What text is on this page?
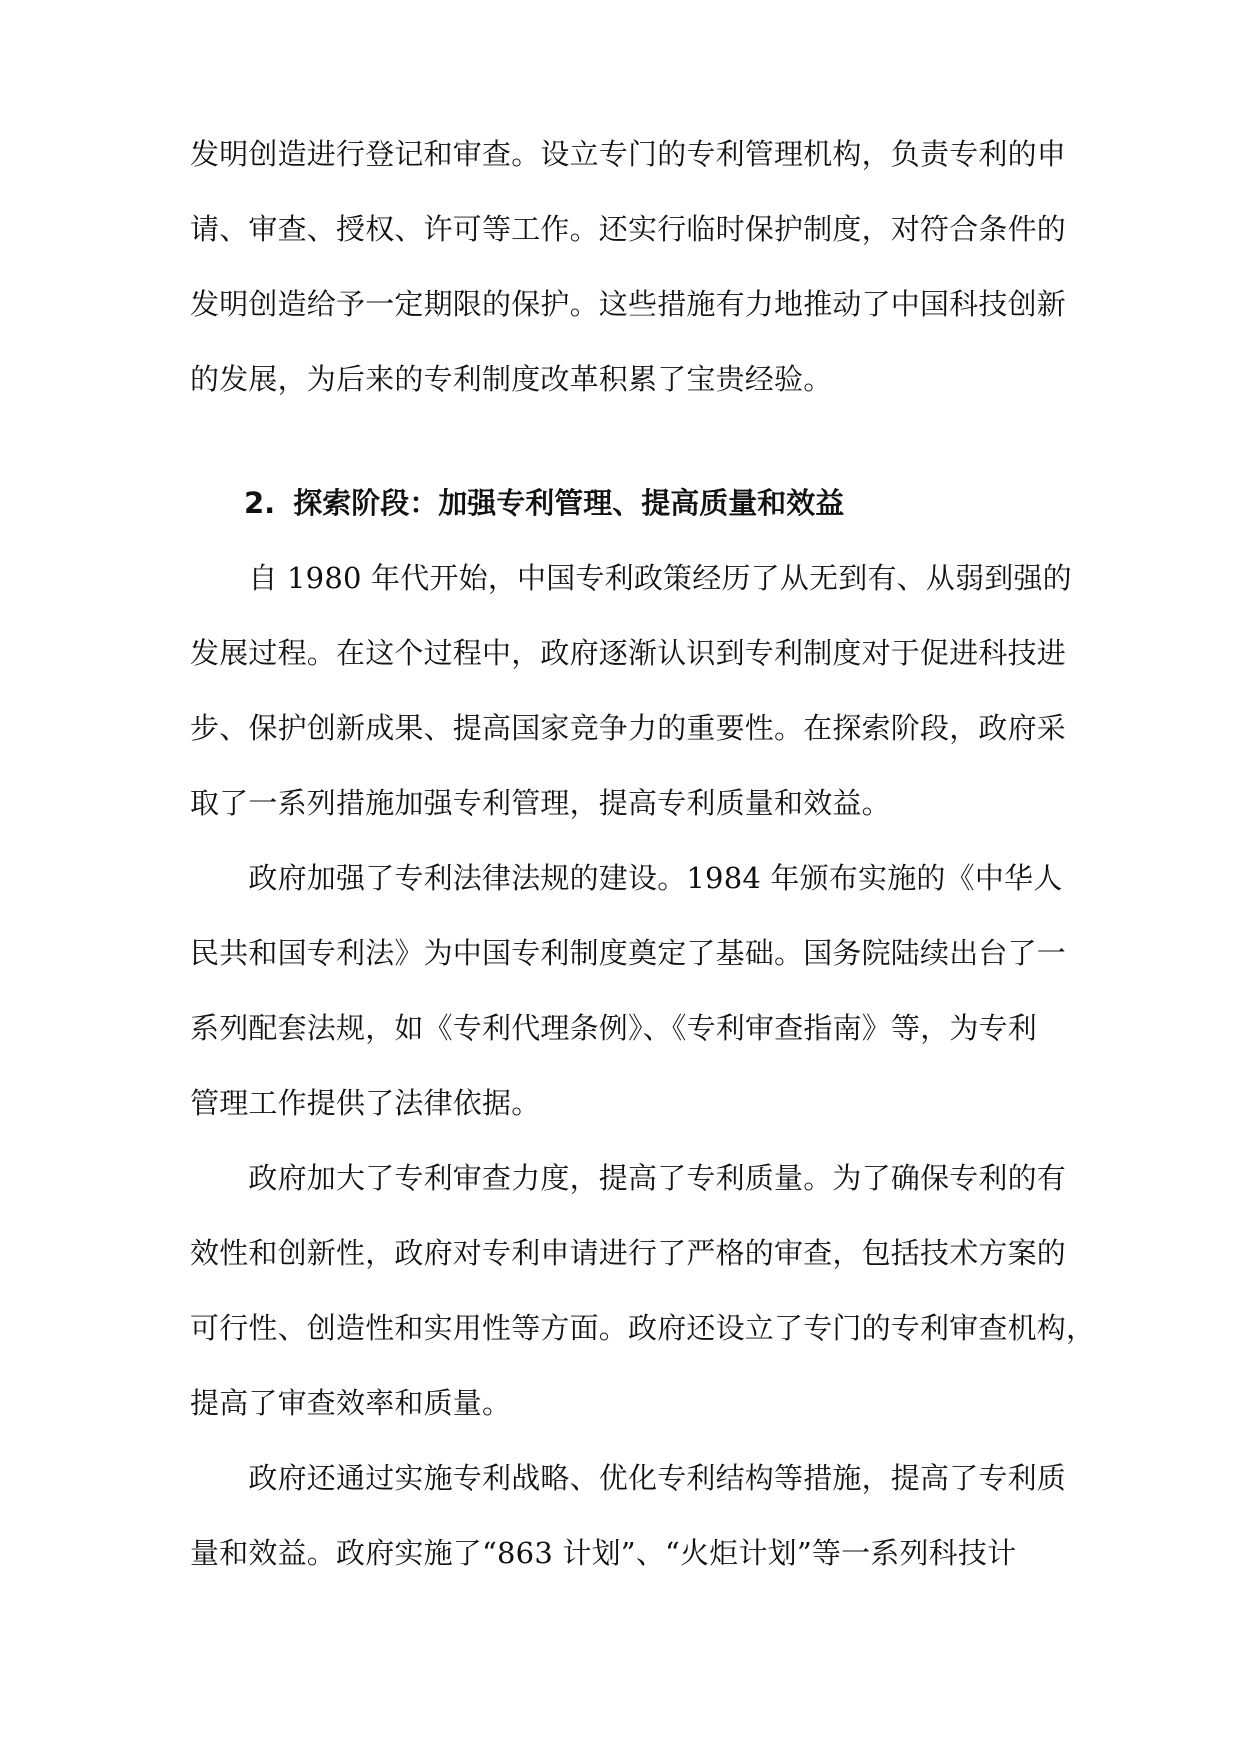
发明创造进行登记和审查。设立专门的专利管理机构，负责专利的申
请、审查、授权、许可等工作。还实行临时保护制度，对符合条件的
发明创造给予一定期限的保护。这些措施有力地推动了中国科技创新
的发展，为后来的专利制度改革积累了宝贵经验。
2. 探索阶段：加强专利管理、提高质量和效益
　　自 1980 年代开始，中国专利政策经历了从无到有、从弱到强的
发展过程。在这个过程中，政府逐渐认识到专利制度对于促进科技进
步、保护创新成果、提高国家竞争力的重要性。在探索阶段，政府采
取了一系列措施加强专利管理，提高专利质量和效益。
　　政府加强了专利法律法规的建设。1984 年颁布实施的《中华人
民共和国专利法》为中国专利制度奠定了基础。国务院陆续出台了一
系列配套法规，如《专利代理条例》、《专利审查指南》等，为专利
管理工作提供了法律依据。
　　政府加大了专利审查力度，提高了专利质量。为了确保专利的有
效性和创新性，政府对专利申请进行了严格的审查，包括技术方案的
可行性、创造性和实用性等方面。政府还设立了专门的专利审查机构，
提高了审查效率和质量。
　　政府还通过实施专利战略、优化专利结构等措施，提高了专利质
量和效益。政府实施了“863 计划”、“火炬计划”等一系列科技计
